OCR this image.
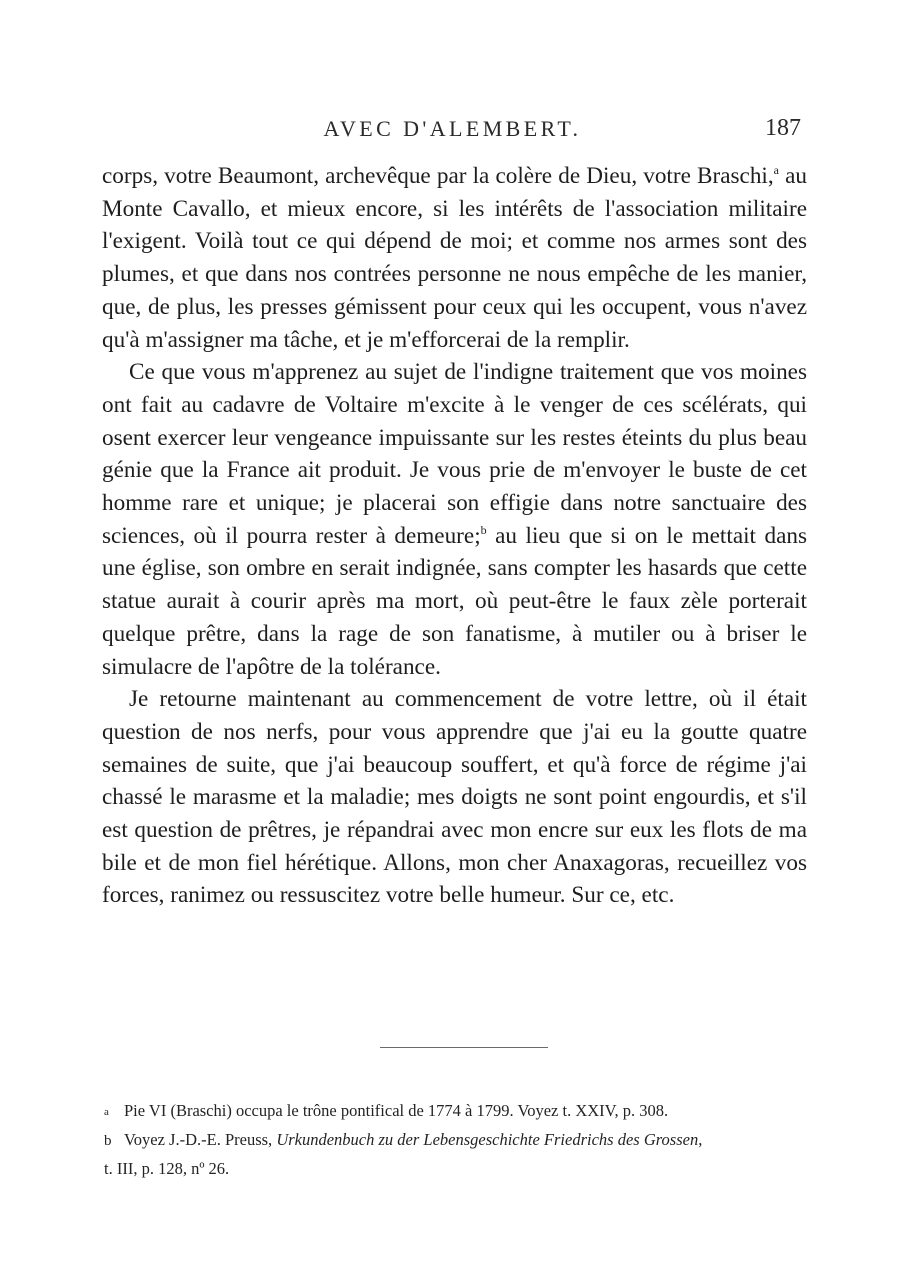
AVEC D'ALEMBERT.	187

corps, votre Beaumont, archevêque par la colère de Dieu, votre Braschi,$^a$ au Monte Cavallo, et mieux encore, si les intérêts de l'association militaire l'exigent. Voilà tout ce qui dépend de moi; et comme nos armes sont des plumes, et que dans nos contrées personne ne nous empêche de les manier, que, de plus, les presses gémissent pour ceux qui les occupent, vous n'avez qu'à m'assigner ma tâche, et je m'efforcerai de la remplir.

Ce que vous m'apprenez au sujet de l'indigne traitement que vos moines ont fait au cadavre de Voltaire m'excite à le venger de ces scélérats, qui osent exercer leur vengeance impuissante sur les restes éteints du plus beau génie que la France ait produit. Je vous prie de m'envoyer le buste de cet homme rare et unique; je placerai son effigie dans notre sanctuaire des sciences, où il pourra rester à demeure;$^b$ au lieu que si on le mettait dans une église, son ombre en serait indignée, sans compter les hasards que cette statue aurait à courir après ma mort, où peut-être le faux zèle porterait quelque prêtre, dans la rage de son fanatisme, à mutiler ou à briser le simulacre de l'apôtre de la tolérance.

Je retourne maintenant au commencement de votre lettre, où il était question de nos nerfs, pour vous apprendre que j'ai eu la goutte quatre semaines de suite, que j'ai beaucoup souffert, et qu'à force de régime j'ai chassé le marasme et la maladie; mes doigts ne sont point engourdis, et s'il est question de prêtres, je répandrai avec mon encre sur eux les flots de ma bile et de mon fiel hérétique. Allons, mon cher Anaxagoras, recueillez vos forces, ranimez ou ressuscitez votre belle humeur. Sur ce, etc.

a Pie VI (Braschi) occupa le trône pontifical de 1774 à 1799. Voyez t. XXIV, p. 308.

b Voyez J.-D.-E. Preuss, Urkundenbuch zu der Lebensgeschichte Friedrichs des Grossen,

t. III, p. 128, nº 26.
